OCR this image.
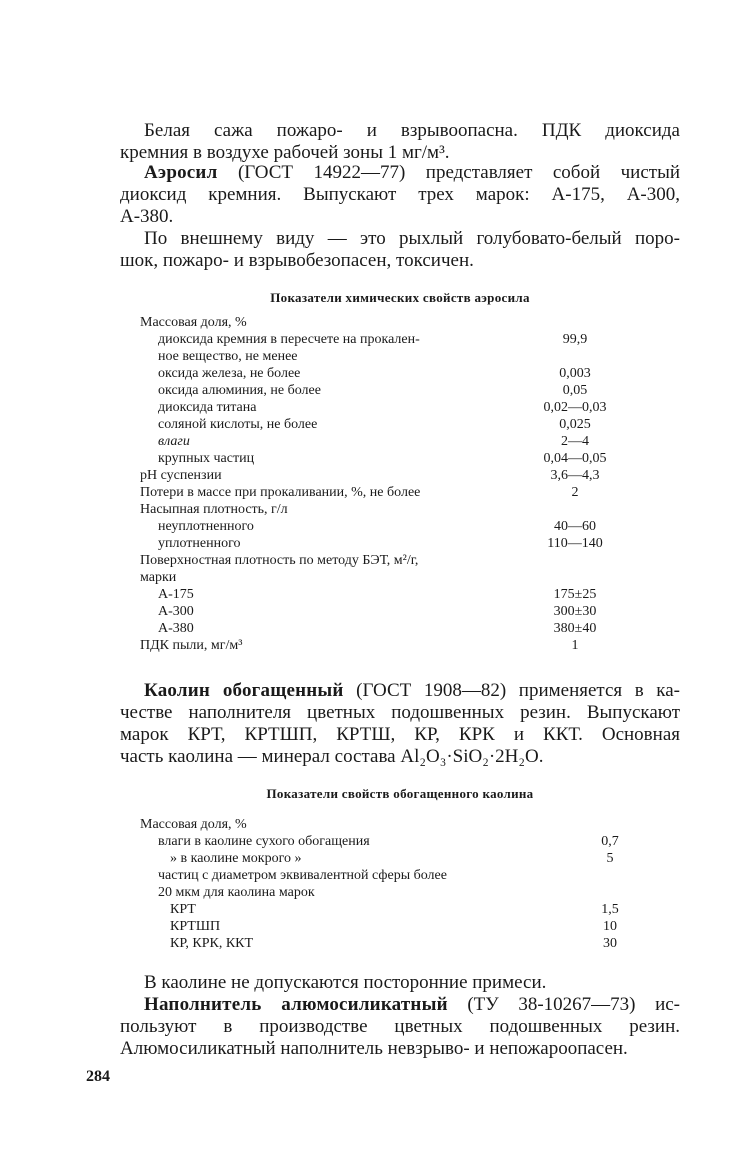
Белая сажа пожаро- и взрывоопасна. ПДК диоксида
кремния в воздухе рабочей зоны 1 мг/м³.
Аэросил (ГОСТ 14922—77) представляет собой чистый
диоксид кремния. Выпускают трех марок: А-175, А-300,
А-380.
По внешнему виду — это рыхлый голубовато-белый поро-
шок, пожаро- и взрывобезопасен, токсичен.
Показатели химических свойств аэросила
Массовая доля, %
диоксида кремния в пересчете на прокален-	99,9
ное вещество, не менее
оксида железа, не более	0,003
оксида алюминия, не более	0,05
диоксида титана	0,02—0,03
соляной кислоты, не более	0,025
влаги	2—4
крупных частиц	0,04—0,05
pH суспензии	3,6—4,3
Потери в массе при прокаливании, %, не более	2
Насыпная плотность, г/л
неуплотненного	40—60
уплотненного	110—140
Поверхностная плотность по методу БЭТ, м²/г,
марки
А-175	175±25
А-300	300±30
А-380	380±40
ПДК пыли, мг/м³	1
Каолин обогащенный (ГОСТ 1908—82) применяется в ка-
честве наполнителя цветных подошвенных резин. Выпускают
марок КРТ, КРТШП, КРТШ, КР, КРК и ККТ. Основная
часть каолина — минерал состава Al₂O₃·SiO₂·2H₂O.
Показатели свойств обогащенного каолина
Массовая доля, %
влаги в каолине сухого обогащения	0,7
» в каолине мокрого »	5
частиц с диаметром эквивалентной сферы более
20 мкм для каолина марок
КРТ	1,5
КРТШП	10
КР, КРК, ККТ	30
В каолине не допускаются посторонние примеси.
Наполнитель алюмосиликатный (ТУ 38-10267—73) ис-
пользуют в производстве цветных подошвенных резин.
Алюмосиликатный наполнитель невзрыво- и непожароопасен.
284
